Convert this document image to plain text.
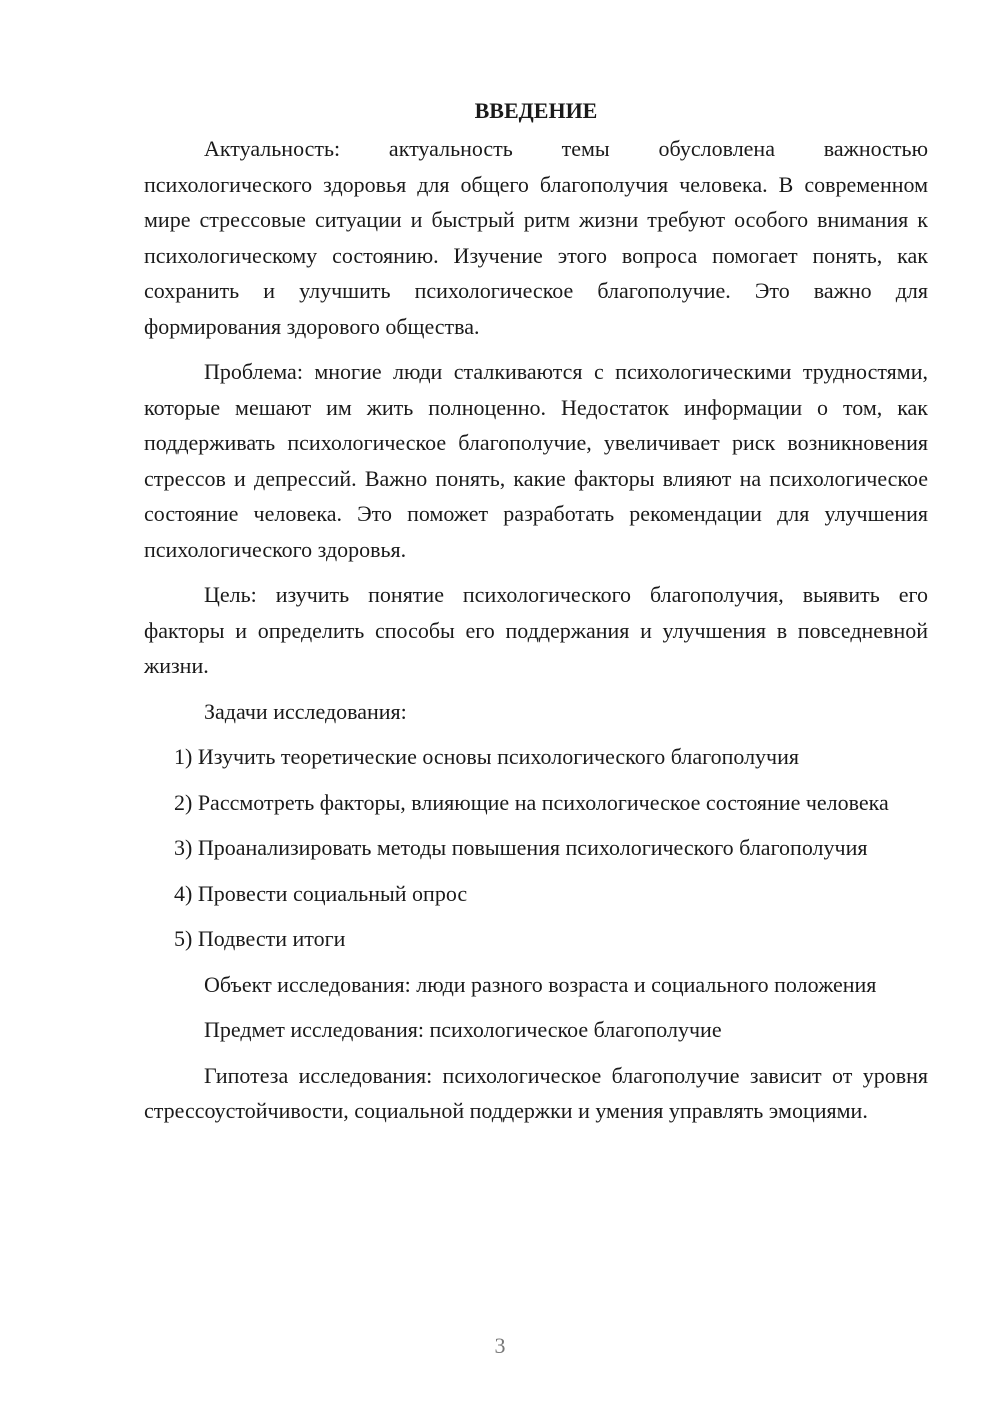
ВВЕДЕНИЕ

Актуальность: актуальность темы обусловлена важностью психологического здоровья для общего благополучия человека. В современном мире стрессовые ситуации и быстрый ритм жизни требуют особого внимания к психологическому состоянию. Изучение этого вопроса помогает понять, как сохранить и улучшить психологическое благополучие. Это важно для формирования здорового общества.

Проблема: многие люди сталкиваются с психологическими трудностями, которые мешают им жить полноценно. Недостаток информации о том, как поддерживать психологическое благополучие, увеличивает риск возникновения стрессов и депрессий. Важно понять, какие факторы влияют на психологическое состояние человека. Это поможет разработать рекомендации для улучшения психологического здоровья.

Цель: изучить понятие психологического благополучия, выявить его факторы и определить способы его поддержания и улучшения в повседневной жизни.

Задачи исследования:

1) Изучить теоретические основы психологического благополучия

2) Рассмотреть факторы, влияющие на психологическое состояние человека

3) Проанализировать методы повышения психологического благополучия

4) Провести социальный опрос

5) Подвести итоги

Объект исследования: люди разного возраста и социального положения

Предмет исследования: психологическое благополучие

Гипотеза исследования: психологическое благополучие зависит от уровня стрессоустойчивости, социальной поддержки и умения управлять эмоциями.

3
